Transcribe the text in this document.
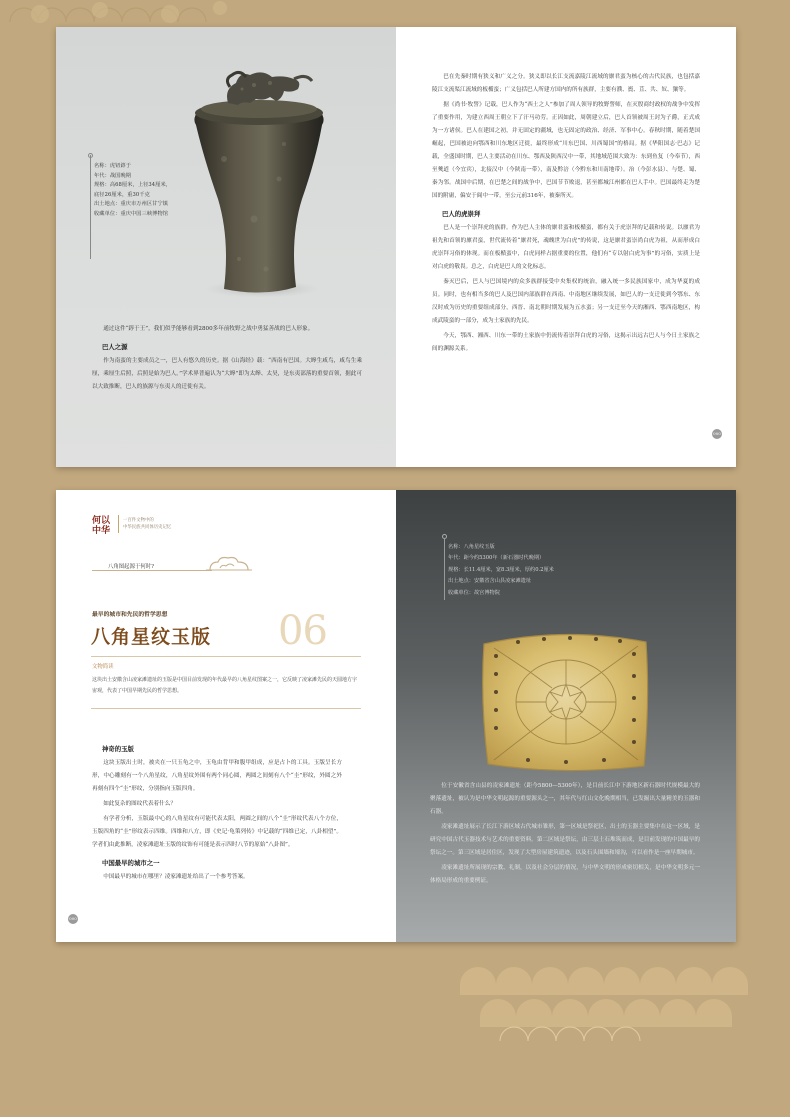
名称：虎钮錞于
年代：战国晚期
规格：高68厘米，上径34厘米，
底径26厘米，重30千克
出土地点：重庆市万州区甘宁镇
收藏单位：重庆中国三峡博物馆

通过这件“錞于王”，我们似乎能够看到2800多年前牧野之战中勇猛善战的巴人形象。

巴人之源

作为南蛮的主要成员之一，巴人有悠久的历史。据《山海经》载：“西南有巴国。大皞生咸鸟，咸鸟生乘厘，乘厘生后照，后照是始为巴人。”学术界普遍认为“大皞”即为太皞、太昊，是东夷部落的重要首领，据此可以大致推断，巴人的族源与东夷人的迁徙有关。

巴在先秦时期有狭义和广义之分。狭义即以长江支流嘉陵江流域的廪君蛮为核心的古代民族，也包括嘉陵江支流渠江流域的板楯蛮；广义包括巴人所建方国内的所有族群，主要有濮、賨、苴、共、奴、獽等。

据《尚书·牧誓》记载，巴人作为“西土之人”参加了周人领导的牧野誓师，在灭殷商纣政权的战争中发挥了重要作用，为建立西周王朝立下了汗马功劳。正因如此，周朝建立后，巴人首领被周王封为子爵，正式成为一方诸侯。巴人在建国之初，并无固定的疆域，也无固定的政治、经济、军事中心。春秋时期，随着楚国崛起，巴国被迫向鄂西和川东地区迁徙，最终形成“川东巴国、川西蜀国”的格局。据《华阳国志·巴志》记载，全盛国时期，巴人主要活动在川东、鄂西及陕西汉中一带，其地域范围大致为：东到鱼复（今奉节），西至僰道（今宜宾），北接汉中（今陕南一带），南及黔涪（今黔东和川南地带）。治（今彭水县）、与楚、蜀、秦为邻。战国中后期，在巴楚之间的战争中，巴国节节败退，甚至都城江州都在巴人手中。巴国最终走为楚国的附庸，偏安于阆中一带，至公元前316年，被秦所灭。

巴人的虎崇拜

巴人是一个崇拜虎的族群。作为巴人主体的廪君蛮和板楯蛮，都有关于虎崇拜的记载和传说。以廪君为祖先和首领的廪君蛮，世代流传着“廪君死，魂魄世为白虎”的传说，这是廪君蛮崇尚白虎为祖，从而形成白虎崇拜习俗的体现。而在板楯蛮中，白虎同样占据重要的位置，他们有“专以射白虎为事”的习俗，实质上是对白虎的敬畏。总之，白虎是巴人的文化标志。

秦灭巴后，巴人与巴国境内的众多族群接受中央集权的统治，融入统一多民族国家中，成为华夏的成员。同时，也有相当多的巴人及巴国内部族群在西南、中南地区继续发展，如巴人的一支迁徙到今鄂东、东汉时成为历史的重要组成部分，西晋、南北朝时期发展为五水蛮；另一支迁至今天的湘西、鄂西南地区，构成武陵蛮的一部分，成为土家族的先民。

今天，鄂西、湘西、川东一带的土家族中仍流传着崇拜白虎的习俗，这揭示出远古巴人与今日土家族之间的渊源关系。

000
何以中华
一百件文物中的
中华民族共同体历史记忆
八角图起源于何时?
最早的城市和先民的哲学思想
八角星纹玉版 06
文物简读
这块出土安徽含山凌家滩遗址的玉版是中国目前发现的年代最早的八角星纹图案之一，它反映了凌家滩先民的天圆地方宇宙观，代表了中国早期先民的哲学思想。
神奇的玉版

这块玉版出土时，被夹在一只玉龟之中，玉龟由背甲和腹甲组成，应是占卜的工具。玉版呈长方形，中心雕刻有一个八角星纹，八角星纹外围有两个同心圆，两圆之间刻有八个“圭”形纹，外圆之外再刻有四个“圭”形纹，分别指向玉版四角。

如此复杂的图纹代表着什么？

有学者分析，玉版最中心的八角星纹有可能代表太阳，两圆之间的八个“圭”形纹代表八个方位，玉版四角的“圭”形纹表示四维。四维和八方，即《史记·龟策列传》中记载的“四维已定，八卦相望”。学者们由此推断，凌家滩遗址玉版的纹饰有可能是表示四时八节的原始“八卦图”。

中国最早的城市之一

中国最早的城市在哪里？凌家滩遗址给出了一个参考答案。

000
名称：八角星纹玉版
年代：距今约5300年（新石器时代晚期）
规格：长11.4厘米，宽8.3厘米，厚约0.2厘米
出土地点：安徽省含山县凌家滩遗址
收藏单位：故宫博物院

位于安徽省含山县的凌家滩遗址（距今5800—5300年），是目前长江中下游地区新石器时代规模最大的聚落遗址，被认为是中华文明起源的重要源头之一，其年代与红山文化晚期相当，已发掘出大量精美的玉器和石器。

凌家滩遗址展示了长江下游区域古代城市雏形，第一区域是祭祀区，出土的玉器主要集中在这一区域，是研究中国古代玉器技术与艺术的重要资料。第二区域是祭坛，由三层土石堆筑而成，是目前发现的中国最早的祭坛之一。第三区域是居住区，发现了大型房屋建筑遗迹，以及石头围墙和壕沟，可以看作是一座早期城市。

凌家滩遗址所展现的宗教、礼制，以及社会分层的情况，与中华文明的形成密切相关，是中华文明多元一体格局形成的重要例证。
